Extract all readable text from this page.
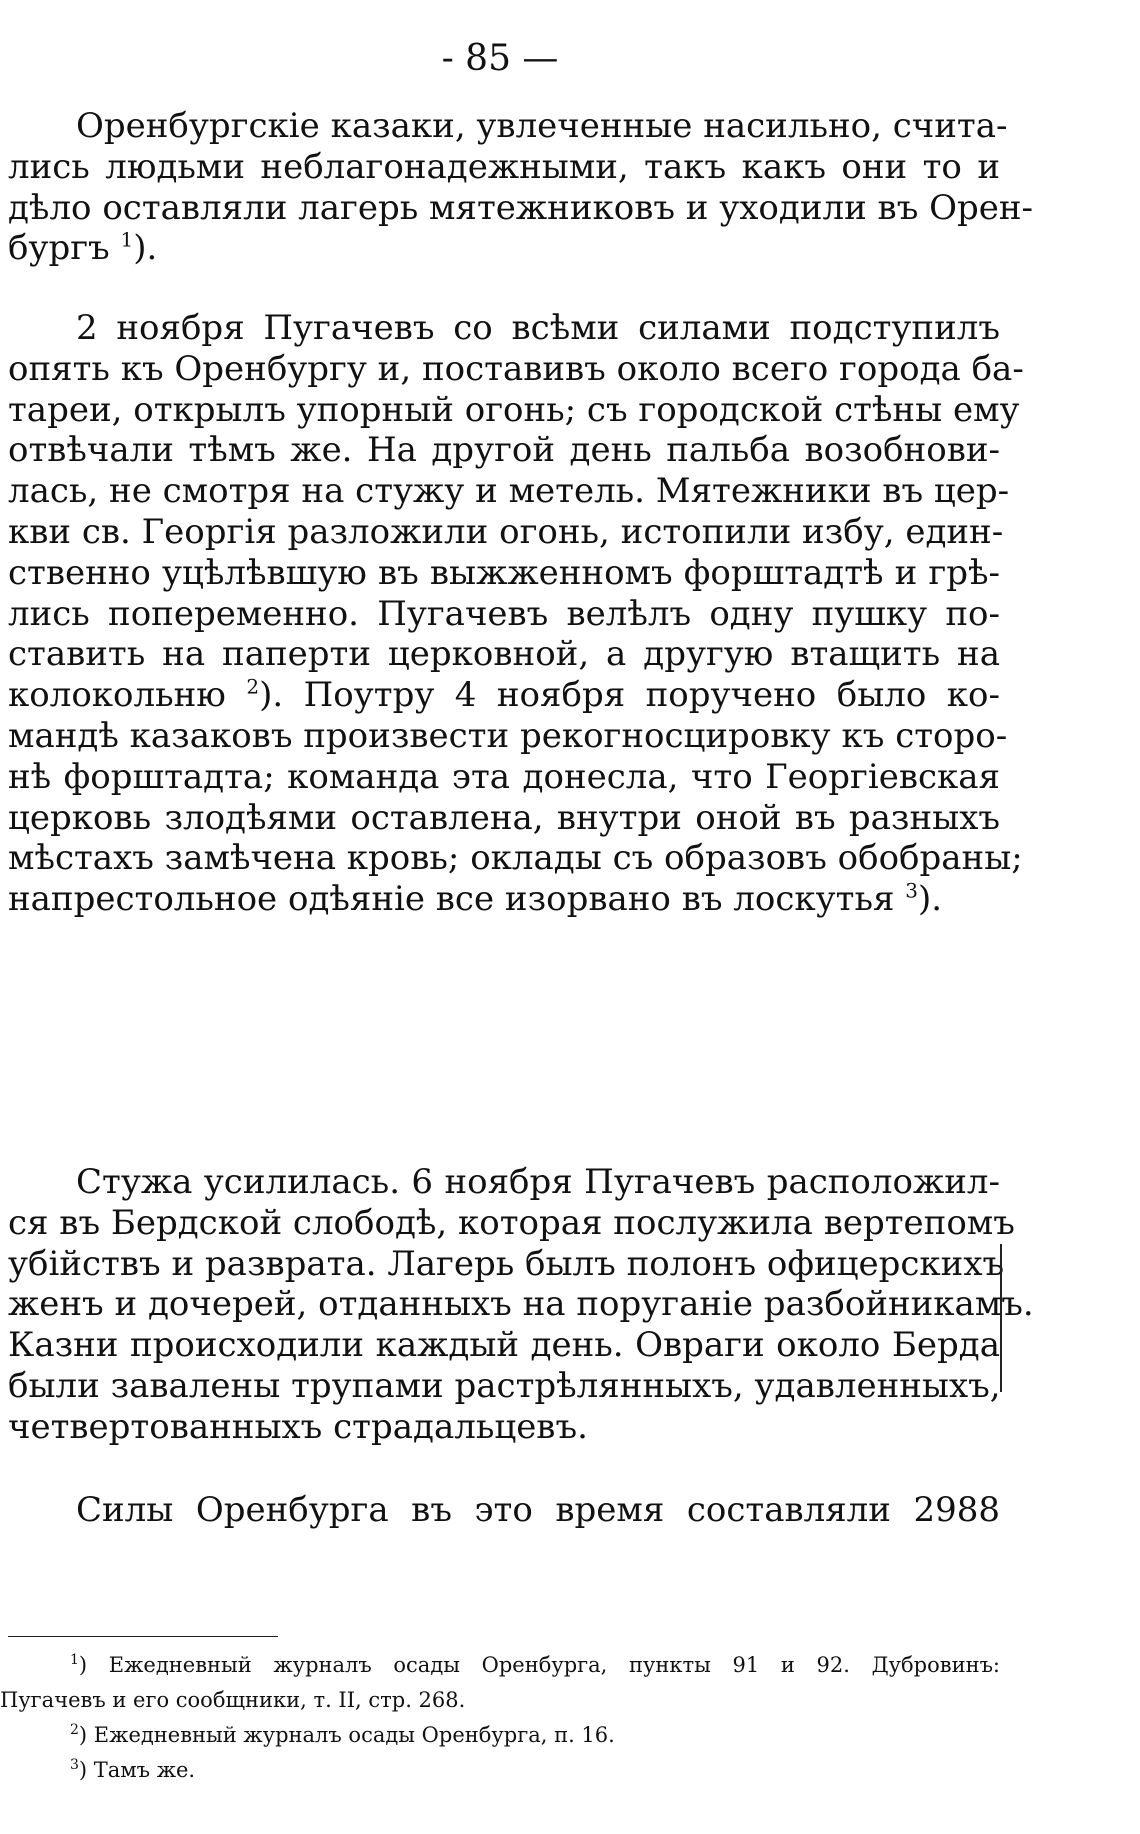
- 85 —
Оренбургскіе казаки, увлеченные насильно, счита-
лись людьми неблагонадежными, такъ какъ они то и
дѣло оставляли лагерь мятежниковъ и уходили въ Орен-
бургъ $^1$).
2 ноября Пугачевъ со всѣми силами подступилъ
опять къ Оренбургу и, поставивъ около всего города ба-
тареи, открылъ упорный огонь; съ городской стѣны ему
отвѣчали тѣмъ же. На другой день пальба возобнови-
лась, не смотря на стужу и метель. Мятежники въ цер-
кви св. Георгія разложили огонь, истопили избу, един-
ственно уцѣлѣвшую въ выжженномъ форштадтѣ и грѣ-
лись попеременно. Пугачевъ велѣлъ одну пушку по-
ставить на паперти церковной, а другую втащить на
колокольню $^2$). Поутру 4 ноября поручено было ко-
мандѣ казаковъ произвести рекогносцировку къ сторо-
нѣ форштадта; команда эта донесла, что Георгіевская
церковь злодѣями оставлена, внутри оной въ разныхъ
мѣстахъ замѣчена кровь; оклады съ образовъ обобраны;
напрестольное одѣяніе все изорвано въ лоскутья $^3$).
Стужа усилилась. 6 ноября Пугачевъ расположил-
ся въ Бердской слободѣ, которая послужила вертепомъ
убійствъ и разврата. Лагерь былъ полонъ офицерскихъ
женъ и дочерей, отданныхъ на поруганіе разбойникамъ.
Казни происходили каждый день. Овраги около Берда
были завалены трупами растрѣлянныхъ, удавленныхъ,
четвертованныхъ страдальцевъ.
Силы Оренбурга въ это время составляли 2988
$^1$) Ежедневный журналъ осады Оренбурга, пункты 91 и 92. Дубровинъ:
Пугачевъ и его сообщники, т. II, стр. 268.
$^2$) Ежедневный журналъ осады Оренбурга, п. 16.
$^3$) Тамъ же.
